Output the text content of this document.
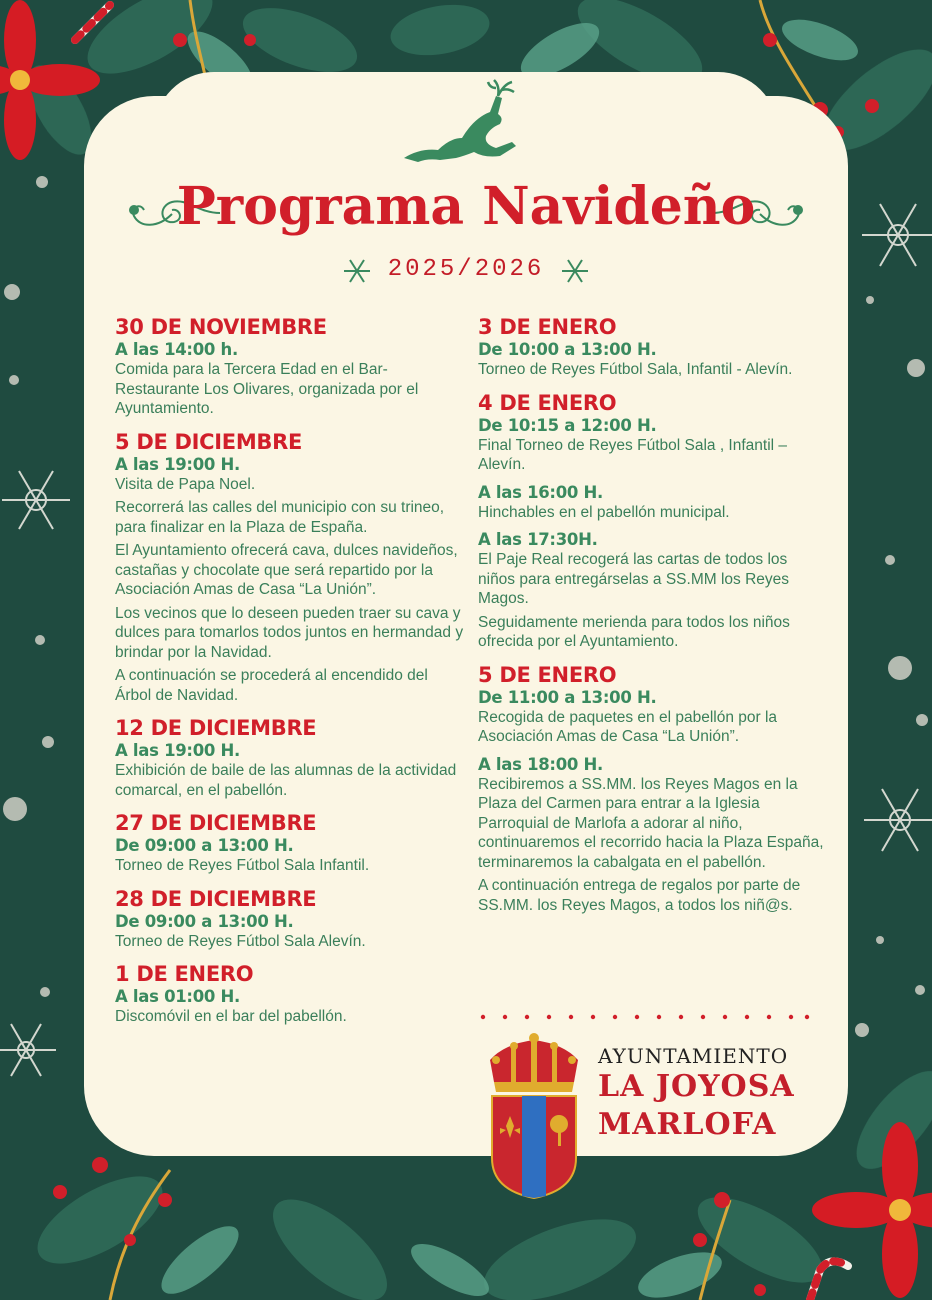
Programa Navideño
2025/2026
30 DE NOVIEMBRE
A las 14:00 h.
Comida para la Tercera Edad en el Bar-Restaurante Los Olivares, organizada por el Ayuntamiento.
5 DE DICIEMBRE
A las 19:00 H.
Visita de Papa Noel.
Recorrerá las calles del municipio con su trineo, para finalizar en la Plaza de España.
El Ayuntamiento ofrecerá cava, dulces navideños, castañas y chocolate que será repartido por la Asociación Amas de Casa “La Unión”.
Los vecinos que lo deseen pueden traer su cava y dulces para tomarlos todos juntos en hermandad y brindar por la Navidad.
A continuación se procederá al encendido del Árbol de Navidad.
12 DE DICIEMBRE
A las 19:00 H.
Exhibición de baile de las alumnas de la actividad comarcal, en el pabellón.
27 DE DICIEMBRE
De 09:00 a 13:00 H.
Torneo de Reyes Fútbol Sala Infantil.
28 DE DICIEMBRE
De 09:00 a 13:00 H.
Torneo de Reyes Fútbol Sala Alevín.
1 DE ENERO
A las 01:00 H.
Discomóvil en el bar del pabellón.
3 DE ENERO
De 10:00 a 13:00 H.
Torneo de Reyes Fútbol Sala, Infantil - Alevín.
4 DE ENERO
De 10:15 a 12:00 H.
Final Torneo de Reyes Fútbol Sala , Infantil – Alevín.
A las 16:00 H.
Hinchables en el pabellón municipal.
A las 17:30H.
El Paje Real recogerá las cartas de todos los niños para entregárselas a SS.MM los Reyes Magos.
Seguidamente merienda para todos los niños ofrecida por el Ayuntamiento.
5 DE ENERO
De 11:00 a 13:00 H.
Recogida de paquetes en el pabellón por la Asociación Amas de Casa “La Unión”.
A las 18:00 H.
Recibiremos a SS.MM. los Reyes Magos en la Plaza del Carmen para entrar a la Iglesia Parroquial de Marlofa a adorar al niño, continuaremos el recorrido hacia la Plaza España, terminaremos la cabalgata en el pabellón.
A continuación entrega de regalos por parte de SS.MM. los Reyes Magos, a todos los niñ@s.
AYUNTAMIENTO
LA JOYOSA
MARLOFA
